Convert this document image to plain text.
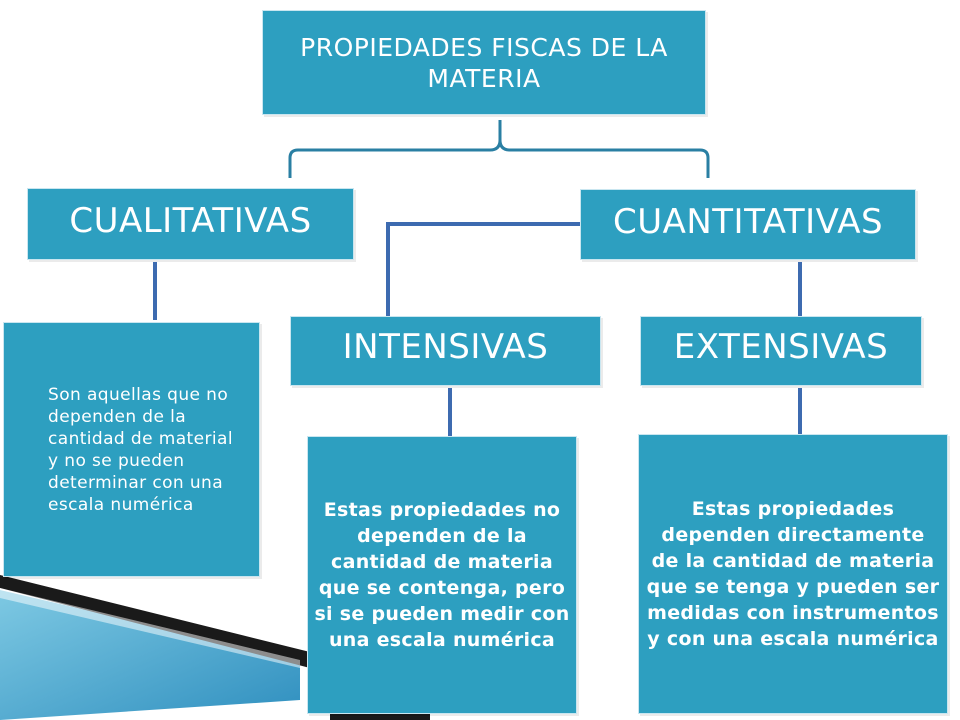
PROPIEDADES FISCAS DE LA MATERIA
CUALITATIVAS	CUANTITATIVAS
INTENSIVAS	EXTENSIVAS
Son aquellas que no dependen de la cantidad de material y no se pueden determinar con una escala numérica	Estas propiedades no dependen de la cantidad de materia que se contenga, pero si se pueden medir con una escala numérica
Estas propiedades dependen directamente de la cantidad de materia que se tenga y pueden ser medidas con instrumentos y con una escala numérica
